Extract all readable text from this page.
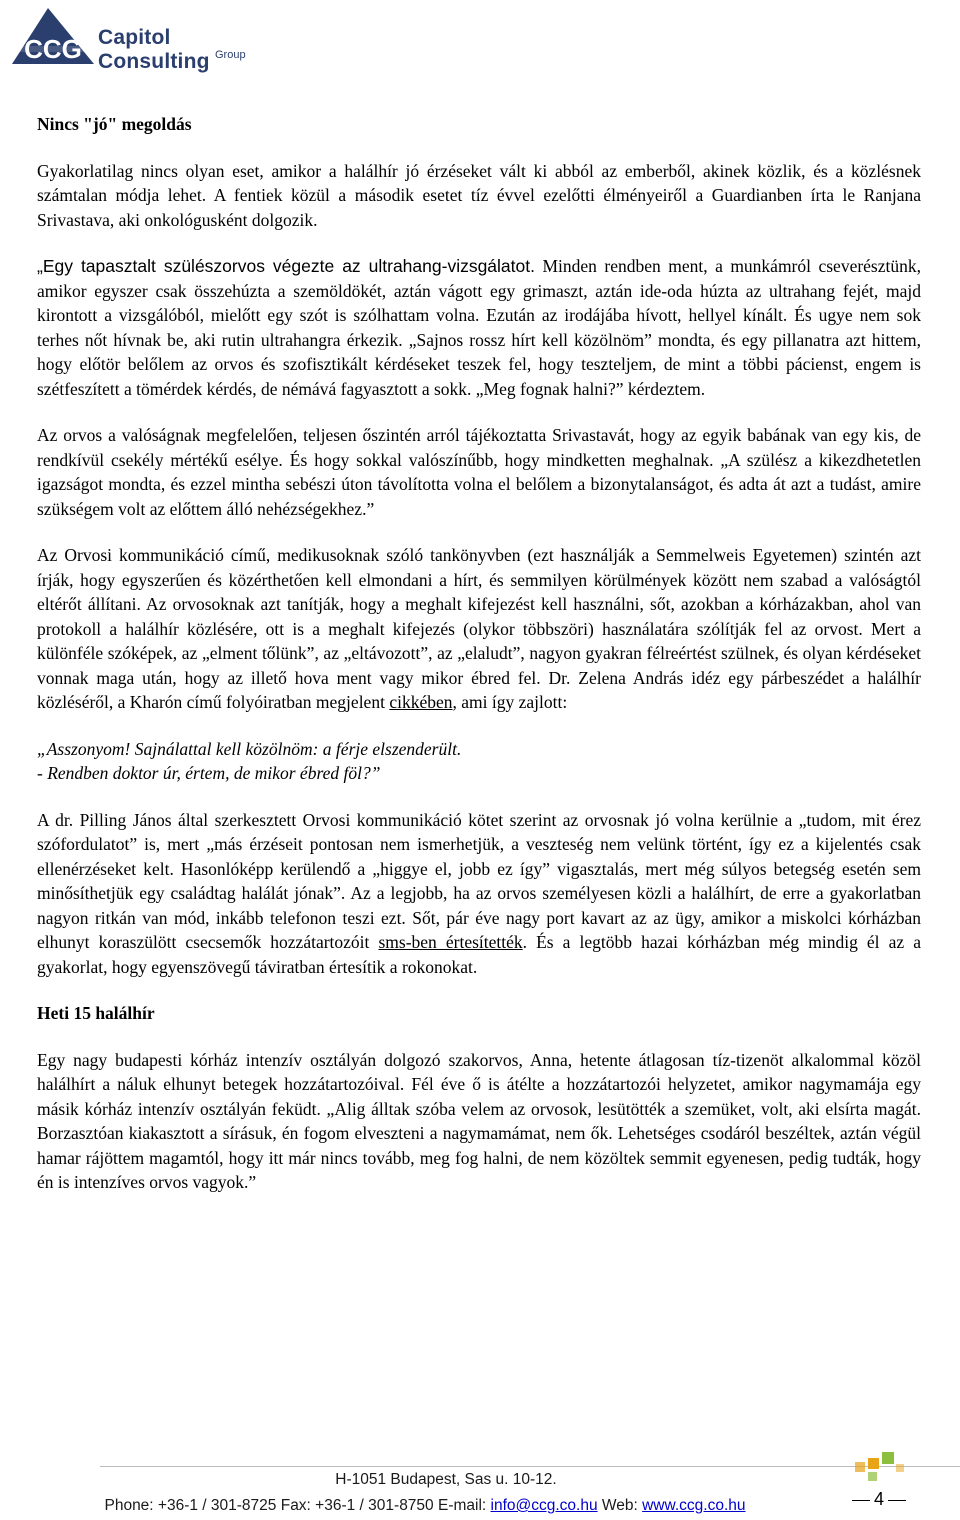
CCG Capitol Consulting Group

Nincs "jó" megoldás

Gyakorlatilag nincs olyan eset, amikor a halálhír jó érzéseket vált ki abból az emberből, akinek közlik, és a közlésnek számtalan módja lehet. A fentiek közül a második esetet tíz évvel ezelőtti élményeiről a Guardianben írta le Ranjana Srivastava, aki onkológusként dolgozik.

„Egy tapasztalt szülészorvos végezte az ultrahang-vizsgálatot. Minden rendben ment, a munkámról cseverésztünk, amikor egyszer csak összehúzta a szemöldökét, aztán vágott egy grimaszt, aztán ide-oda húzta az ultrahang fejét, majd kirontott a vizsgálóból, mielőtt egy szót is szólhattam volna. Ezután az irodájába hívott, hellyel kínált. És ugye nem sok terhes nőt hívnak be, aki rutin ultrahangra érkezik. „Sajnos rossz hírt kell közölnöm” mondta, és egy pillanatra azt hittem, hogy előtör belőlem az orvos és szofisztikált kérdéseket teszek fel, hogy teszteljem, de mint a többi pácienst, engem is szétfeszített a tömérdek kérdés, de némává fagyasztott a sokk. „Meg fognak halni?” kérdeztem.

Az orvos a valóságnak megfelelően, teljesen őszintén arról tájékoztatta Srivastavát, hogy az egyik babának van egy kis, de rendkívül csekély mértékű esélye. És hogy sokkal valószínűbb, hogy mindketten meghalnak. „A szülész a kikezdhetetlen igazságot mondta, és ezzel mintha sebészi úton távolította volna el belőlem a bizonytalanságot, és adta át azt a tudást, amire szükségem volt az előttem álló nehézségekhez.”

Az Orvosi kommunikáció című, medikusoknak szóló tankönyvben (ezt használják a Semmelweis Egyetemen) szintén azt írják, hogy egyszerűen és közérthetően kell elmondani a hírt, és semmilyen körülmények között nem szabad a valóságtól eltérőt állítani. Az orvosoknak azt tanítják, hogy a meghalt kifejezést kell használni, sőt, azokban a kórházakban, ahol van protokoll a halálhír közlésére, ott is a meghalt kifejezés (olykor többszöri) használatára szólítják fel az orvost. Mert a különféle szóképek, az „elment tőlünk”, az „eltávozott”, az „elaludt”, nagyon gyakran félreértést szülnek, és olyan kérdéseket vonnak maga után, hogy az illető hova ment vagy mikor ébred fel. Dr. Zelena András idéz egy párbeszédet a halálhír közléséről, a Kharón című folyóiratban megjelent cikkében, ami így zajlott:

„Asszonyom! Sajnálattal kell közölnöm: a férje elszenderült.

- Rendben doktor úr, értem, de mikor ébred föl?”

A dr. Pilling János által szerkesztett Orvosi kommunikáció kötet szerint az orvosnak jó volna kerülnie a „tudom, mit érez szófordulatot” is, mert „más érzéseit pontosan nem ismerhetjük, a veszteség nem velünk történt, így ez a kijelentés csak ellenérzéseket kelt. Hasonlóképp kerülendő a „higgye el, jobb ez így” vigasztalás, mert még súlyos betegség esetén sem minősíthetjük egy családtag halálát jónak”. Az a legjobb, ha az orvos személyesen közli a halálhírt, de erre a gyakorlatban nagyon ritkán van mód, inkább telefonon teszi ezt. Sőt, pár éve nagy port kavart az az ügy, amikor a miskolci kórházban elhunyt koraszülött csecsemők hozzátartozóit sms-ben értesítették. És a legtöbb hazai kórházban még mindig él az a gyakorlat, hogy egyenszövegű táviratban értesítik a rokonokat.

Heti 15 halálhír

Egy nagy budapesti kórház intenzív osztályán dolgozó szakorvos, Anna, hetente átlagosan tíz-tizenöt alkalommal közöl halálhírt a náluk elhunyt betegek hozzátartozóival. Fél éve ő is átélte a hozzátartozói helyzetet, amikor nagymamája egy másik kórház intenzív osztályán feküdt. „Alig álltak szóba velem az orvosok, lesütötték a szemüket, volt, aki elsírta magát. Borzasztóan kiakasztott a sírásuk, én fogom elveszteni a nagymamámat, nem ők. Lehetséges csodáról beszéltek, aztán végül hamar rájöttem magamtól, hogy itt már nincs tovább, meg fog halni, de nem közöltek semmit egyenesen, pedig tudták, hogy én is intenzíves orvos vagyok.”

H-1051 Budapest, Sas u. 10-12.
Phone: +36-1 / 301-8725 Fax: +36-1 / 301-8750 E-mail: info@ccg.co.hu Web: www.ccg.co.hu	4
